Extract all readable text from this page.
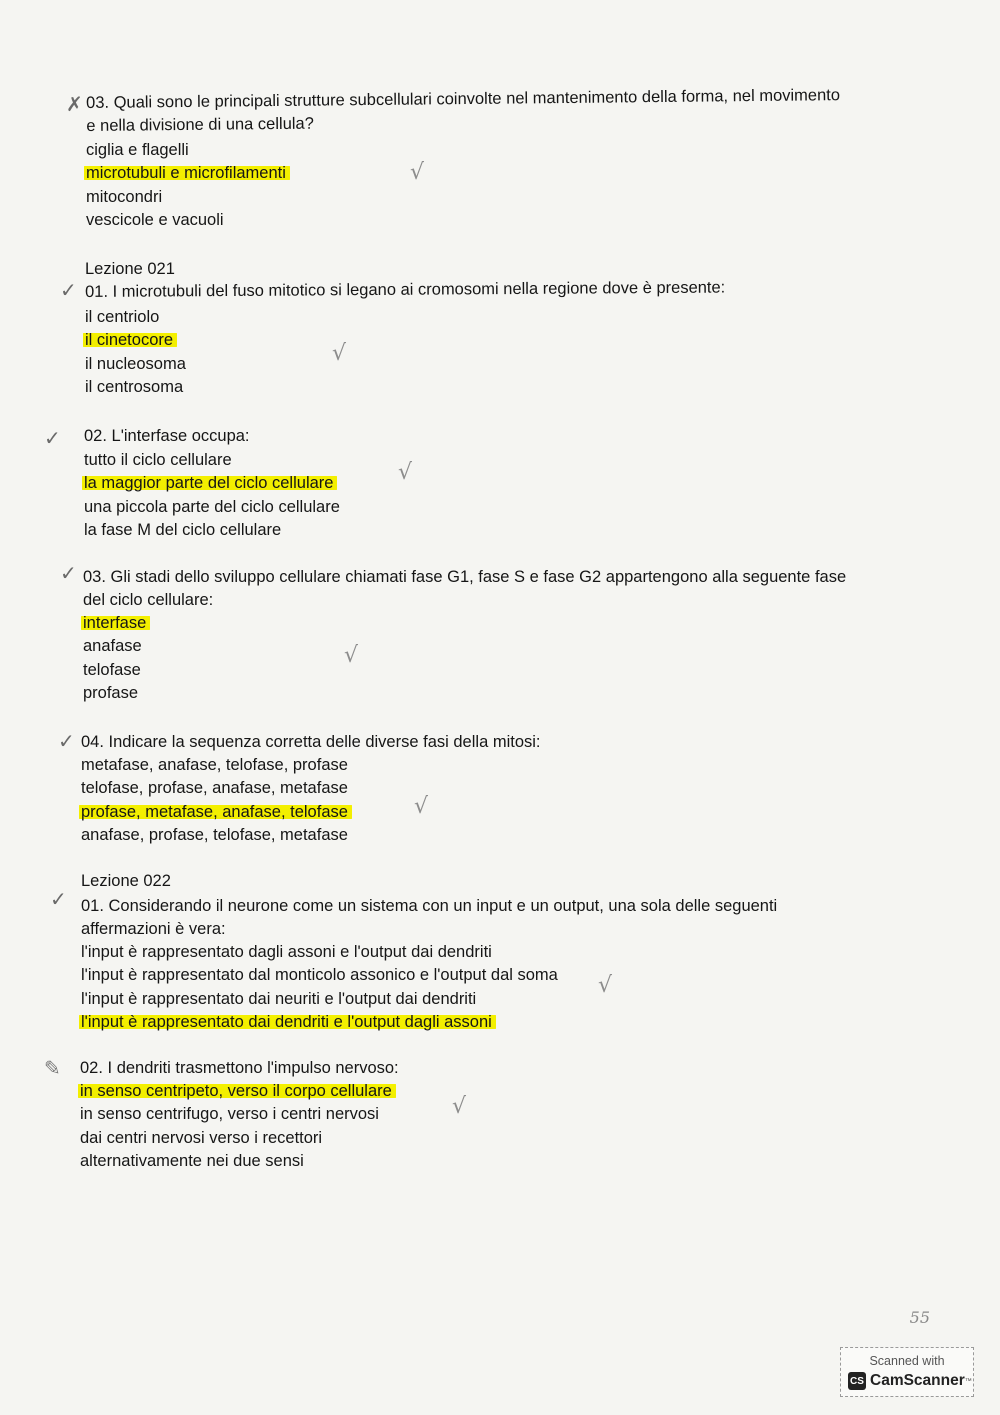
✗ 03. Quali sono le principali strutture subcellulari coinvolte nel mantenimento della forma, nel movimento
e nella divisione di una cellula?
ciglia e flagelli
microtubuli e microfilamenti
mitocondri
vescicole e vacuoli
√
Lezione 021
✓ 01. I microtubuli del fuso mitotico si legano ai cromosomi nella regione dove è presente:
il centriolo
il cinetocore
il nucleosoma
il centrosoma
√
✓ 02. L'interfase occupa:
tutto il ciclo cellulare
la maggior parte del ciclo cellulare
una piccola parte del ciclo cellulare
la fase M del ciclo cellulare
√
✓ 03. Gli stadi dello sviluppo cellulare chiamati fase G1, fase S e fase G2 appartengono alla seguente fase
del ciclo cellulare:
interfase
anafase
telofase
profase
√
✓ 04. Indicare la sequenza corretta delle diverse fasi della mitosi:
metafase, anafase, telofase, profase
telofase, profase, anafase, metafase
profase, metafase, anafase, telofase
anafase, profase, telofase, metafase
√
Lezione 022
✓ 01. Considerando il neurone come un sistema con un input e un output, una sola delle seguenti
affermazioni è vera:
l'input è rappresentato dagli assoni e l'output dai dendriti
l'input è rappresentato dal monticolo assonico e l'output dal soma
l'input è rappresentato dai neuriti e l'output dai dendriti
l'input è rappresentato dai dendriti e l'output dagli assoni
√
✎ 02. I dendriti trasmettono l'impulso nervoso:
in senso centripeto, verso il corpo cellulare
in senso centrifugo, verso i centri nervosi
dai centri nervosi verso i recettori
alternativamente nei due sensi
√
55
Scanned with
CS CamScanner ™
